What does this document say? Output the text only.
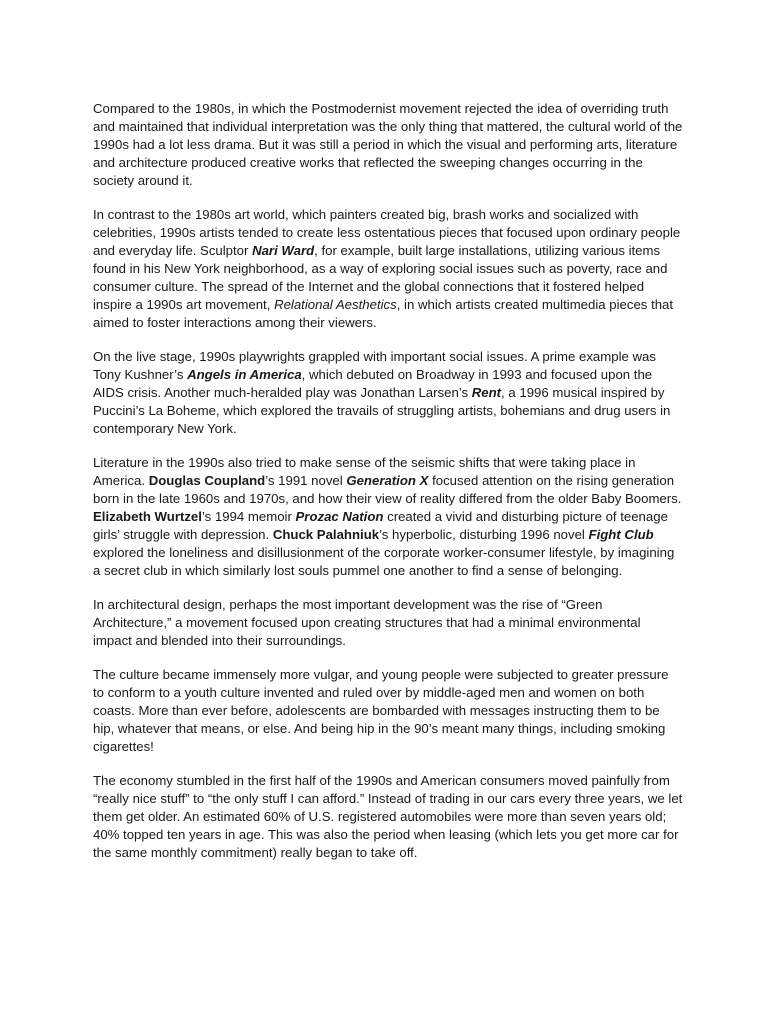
Compared to the 1980s, in which the Postmodernist movement rejected the idea of overriding truth and maintained that individual interpretation was the only thing that mattered, the cultural world of the 1990s had a lot less drama. But it was still a period in which the visual and performing arts, literature and architecture produced creative works that reflected the sweeping changes occurring in the society around it.

In contrast to the 1980s art world, which painters created big, brash works and socialized with celebrities, 1990s artists tended to create less ostentatious pieces that focused upon ordinary people and everyday life. Sculptor Nari Ward, for example, built large installations, utilizing various items found in his New York neighborhood, as a way of exploring social issues such as poverty, race and consumer culture. The spread of the Internet and the global connections that it fostered helped inspire a 1990s art movement, Relational Aesthetics, in which artists created multimedia pieces that aimed to foster interactions among their viewers.

On the live stage, 1990s playwrights grappled with important social issues. A prime example was Tony Kushner’s Angels in America, which debuted on Broadway in 1993 and focused upon the AIDS crisis. Another much-heralded play was Jonathan Larsen’s Rent, a 1996 musical inspired by Puccini’s La Boheme, which explored the travails of struggling artists, bohemians and drug users in contemporary New York.

Literature in the 1990s also tried to make sense of the seismic shifts that were taking place in America. Douglas Coupland’s 1991 novel Generation X focused attention on the rising generation born in the late 1960s and 1970s, and how their view of reality differed from the older Baby Boomers. Elizabeth Wurtzel’s 1994 memoir Prozac Nation created a vivid and disturbing picture of teenage girls’ struggle with depression. Chuck Palahniuk’s hyperbolic, disturbing 1996 novel Fight Club explored the loneliness and disillusionment of the corporate worker-consumer lifestyle, by imagining a secret club in which similarly lost souls pummel one another to find a sense of belonging.

In architectural design, perhaps the most important development was the rise of “Green Architecture,” a movement focused upon creating structures that had a minimal environmental impact and blended into their surroundings.

The culture became immensely more vulgar, and young people were subjected to greater pressure to conform to a youth culture invented and ruled over by middle-aged men and women on both coasts. More than ever before, adolescents are bombarded with messages instructing them to be hip, whatever that means, or else. And being hip in the 90’s meant many things, including smoking cigarettes!

The economy stumbled in the first half of the 1990s and American consumers moved painfully from “really nice stuff” to “the only stuff I can afford.” Instead of trading in our cars every three years, we let them get older. An estimated 60% of U.S. registered automobiles were more than seven years old; 40% topped ten years in age. This was also the period when leasing (which lets you get more car for the same monthly commitment) really began to take off.
